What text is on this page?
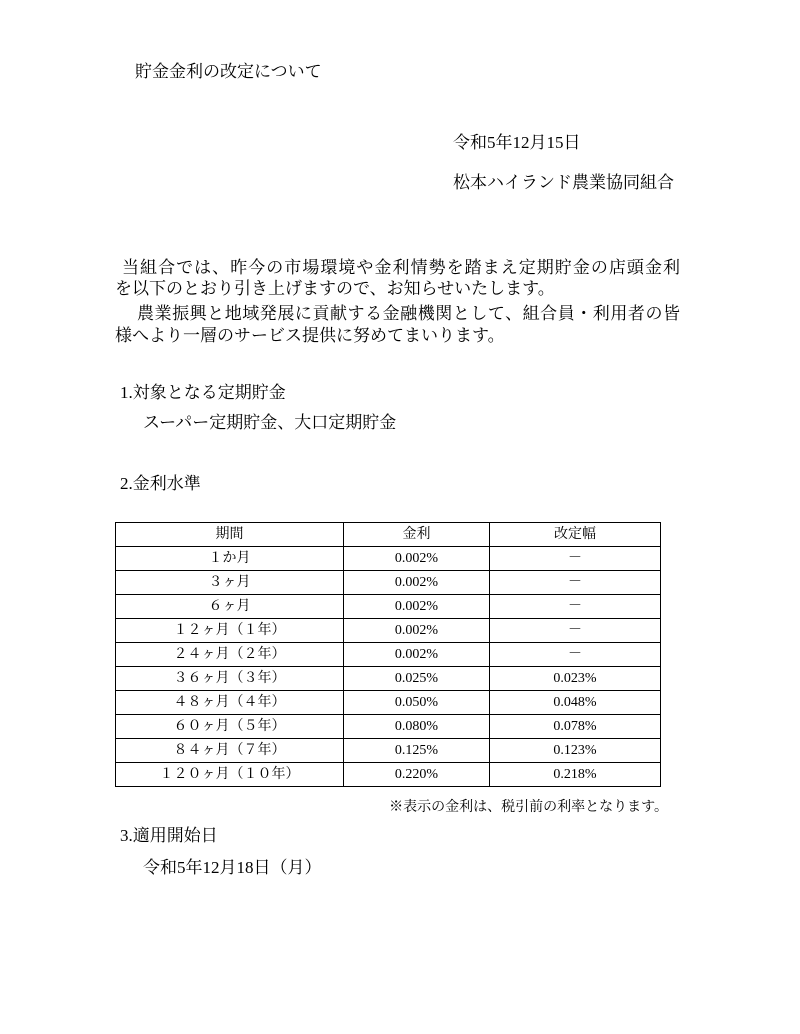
貯金金利の改定について
令和5年12月15日
松本ハイランド農業協同組合
当組合では、昨今の市場環境や金利情勢を踏まえ定期貯金の店頭金利
を以下のとおり引き上げますので、お知らせいたします。
農業振興と地域発展に貢献する金融機関として、組合員・利用者の皆
様へより一層のサービス提供に努めてまいります。
1.対象となる定期貯金
スーパー定期貯金、大口定期貯金
2.金利水準
期間	金利	改定幅
１か月	0.002%	－
３ヶ月	0.002%	－
６ヶ月	0.002%	－
１２ヶ月（１年）	0.002%	－
２４ヶ月（２年）	0.002%	－
３６ヶ月（３年）	0.025%	0.023%
４８ヶ月（４年）	0.050%	0.048%
６０ヶ月（５年）	0.080%	0.078%
８４ヶ月（７年）	0.125%	0.123%
１２０ヶ月（１０年）	0.220%	0.218%
※表示の金利は、税引前の利率となります。
3.適用開始日
令和5年12月18日（月）
